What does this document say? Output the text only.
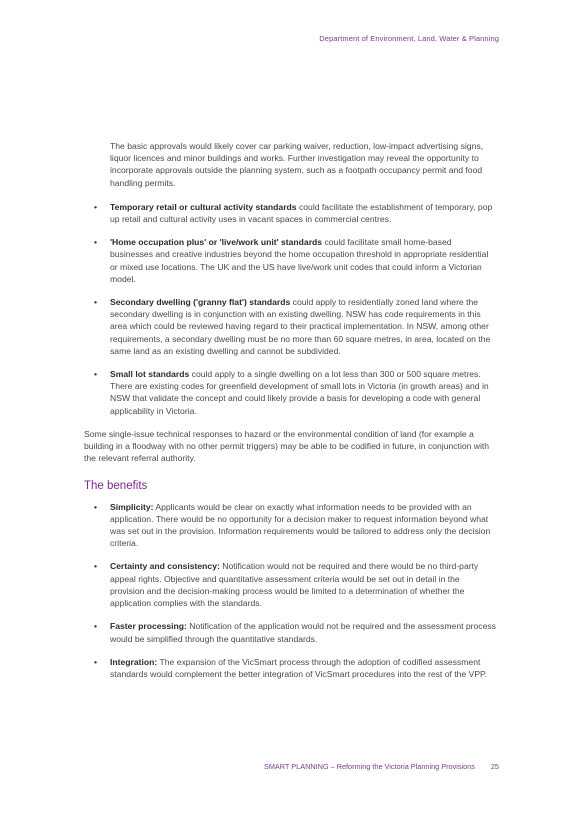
Department of Environment, Land, Water & Planning

The basic approvals would likely cover car parking waiver, reduction, low-impact advertising signs, liquor licences and minor buildings and works. Further investigation may reveal the opportunity to incorporate approvals outside the planning system, such as a footpath occupancy permit and food handling permits.

• Temporary retail or cultural activity standards could facilitate the establishment of temporary, pop up retail and cultural activity uses in vacant spaces in commercial centres.
• 'Home occupation plus' or 'live/work unit' standards could facilitate small home-based businesses and creative industries beyond the home occupation threshold in appropriate residential or mixed use locations. The UK and the US have live/work unit codes that could inform a Victorian model.
• Secondary dwelling ('granny flat') standards could apply to residentially zoned land where the secondary dwelling is in conjunction with an existing dwelling. NSW has code requirements in this area which could be reviewed having regard to their practical implementation. In NSW, among other requirements, a secondary dwelling must be no more than 60 square metres, in area, located on the same land as an existing dwelling and cannot be subdivided.
• Small lot standards could apply to a single dwelling on a lot less than 300 or 500 square metres. There are existing codes for greenfield development of small lots in Victoria (in growth areas) and in NSW that validate the concept and could likely provide a basis for developing a code with general applicability in Victoria.

Some single-issue technical responses to hazard or the environmental condition of land (for example a building in a floodway with no other permit triggers) may be able to be codified in future, in conjunction with the relevant referral authority.

The benefits
• Simplicity: Applicants would be clear on exactly what information needs to be provided with an application. There would be no opportunity for a decision maker to request information beyond what was set out in the provision. Information requirements would be tailored to address only the decision criteria.
• Certainty and consistency: Notification would not be required and there would be no third-party appeal rights. Objective and quantitative assessment criteria would be set out in detail in the provision and the decision-making process would be limited to a determination of whether the application complies with the standards.
• Faster processing: Notification of the application would not be required and the assessment process would be simplified through the quantitative standards.
• Integration: The expansion of the VicSmart process through the adoption of codified assessment standards would complement the better integration of VicSmart procedures into the rest of the VPP.
SMART PLANNING – Reforming the Victoria Planning Provisions 25
